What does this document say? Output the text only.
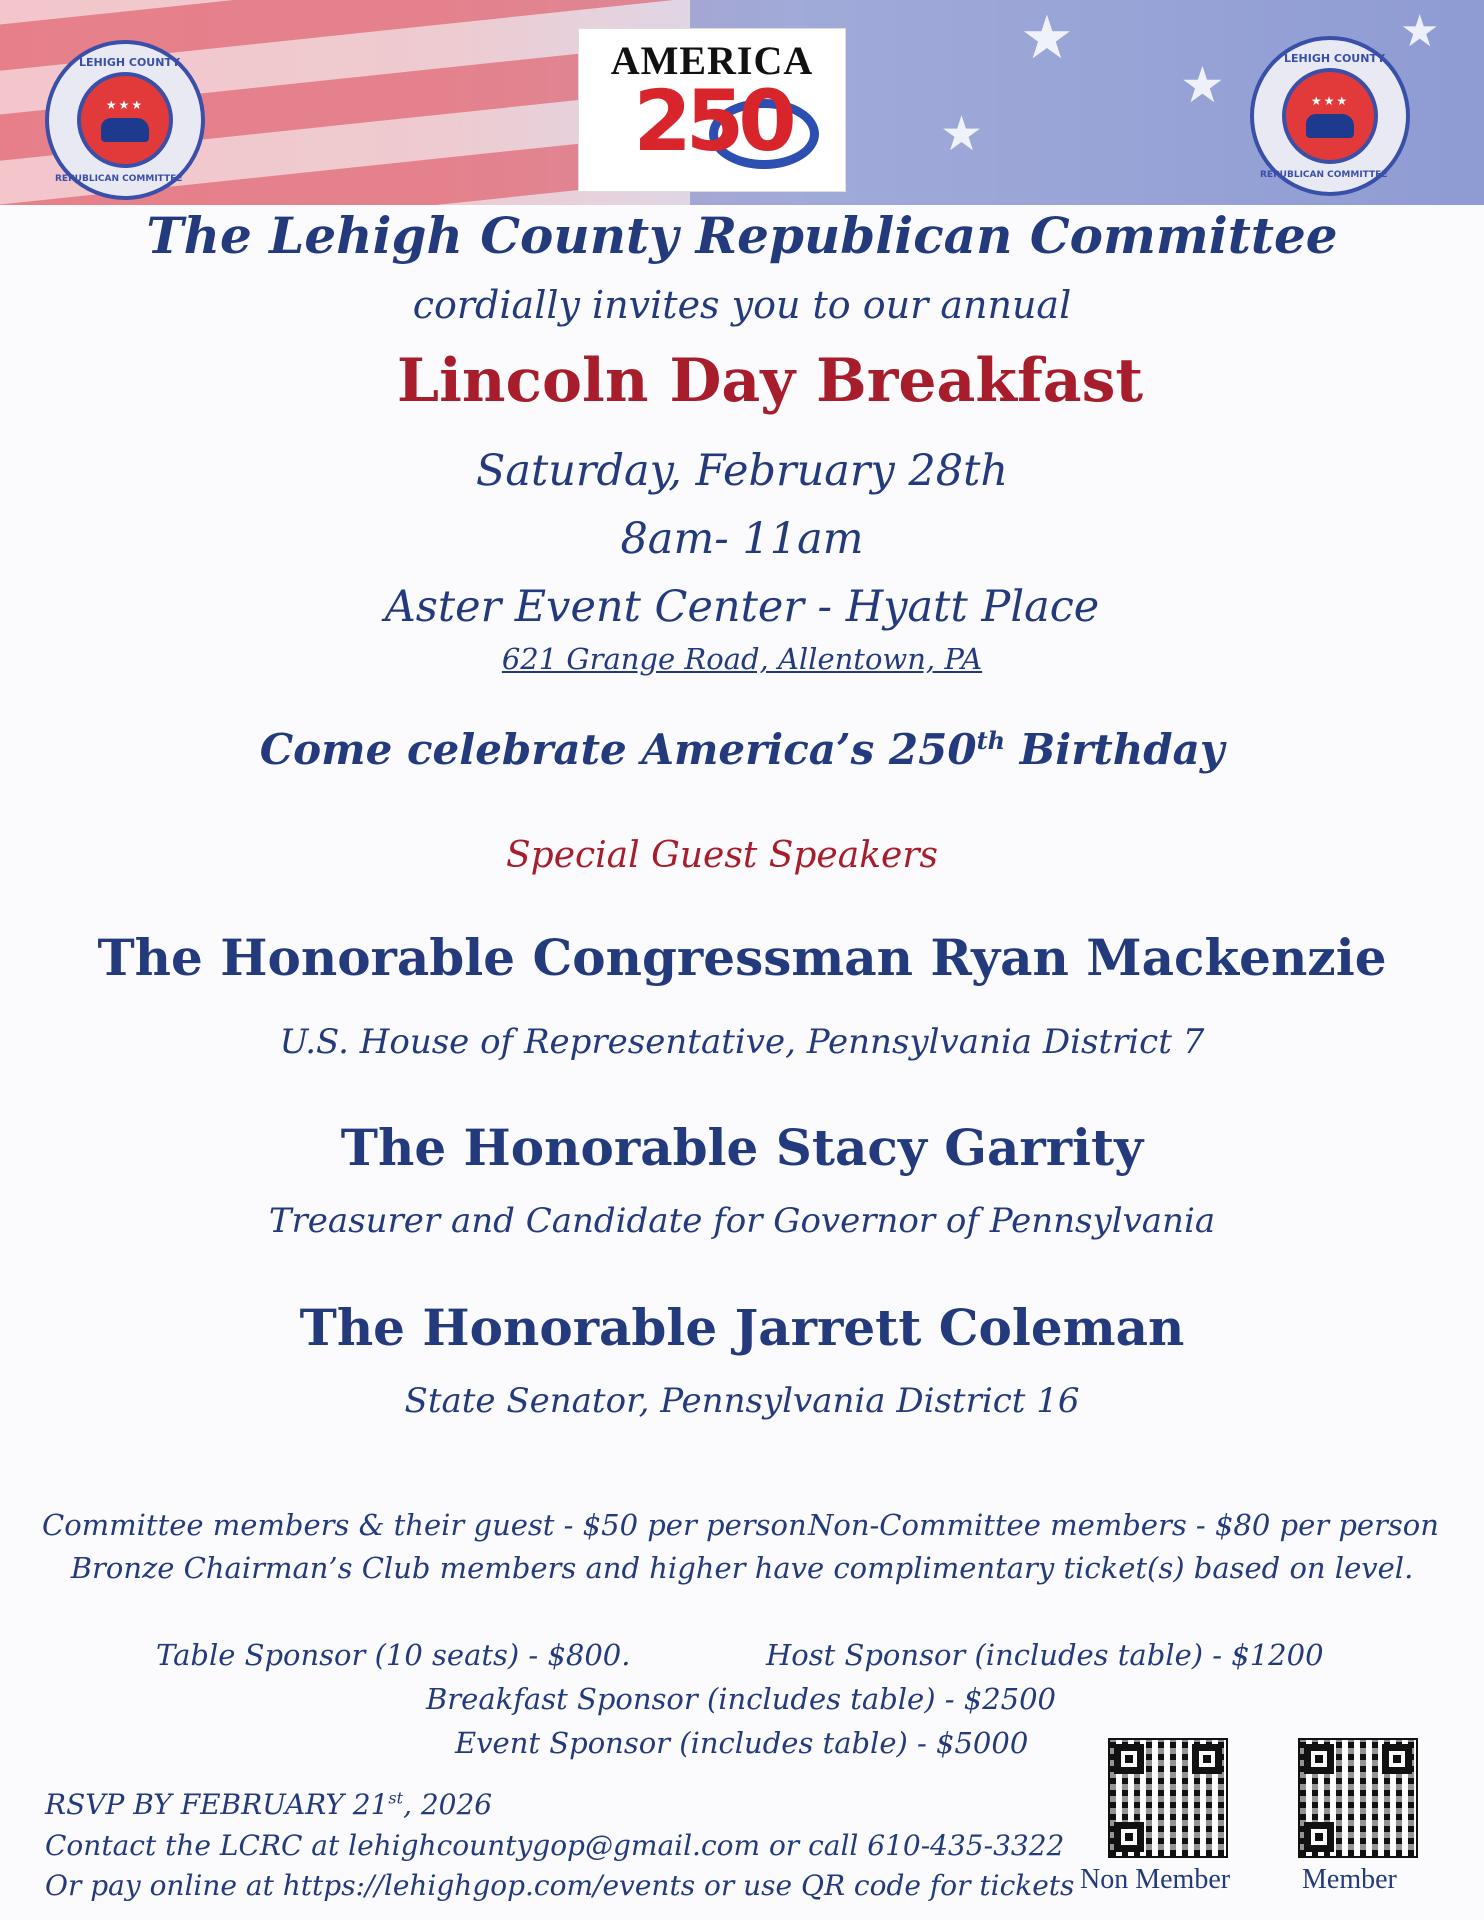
★
★
★
★
LEHIGH COUNTY
★★★
REPUBLICAN COMMITTEE
LEHIGH COUNTY
★★★
REPUBLICAN COMMITTEE
AMERICA
250
The Lehigh County Republican Committee
cordially invites you to our annual
Lincoln Day Breakfast
Saturday, February 28th
8am- 11am
Aster Event Center - Hyatt Place
621 Grange Road, Allentown, PA
Come celebrate America’s 250th Birthday
Special Guest Speakers
The Honorable Congressman Ryan Mackenzie
U.S. House of Representative, Pennsylvania District 7
The Honorable Stacy Garrity
Treasurer and Candidate for Governor of Pennsylvania
The Honorable Jarrett Coleman
State Senator, Pennsylvania District 16
Committee members & their guest - $50 per person Non-Committee members - $80 per person
Bronze Chairman’s Club members and higher have complimentary ticket(s) based on level.
Table Sponsor (10 seats) - $800.	Host Sponsor (includes table) - $1200
Breakfast Sponsor (includes table) - $2500
Event Sponsor (includes table) - $5000
RSVP BY FEBRUARY 21st, 2026
Contact the LCRC at lehighcountygop@gmail.com or call 610-435-3322
Or pay online at https://lehighgop.com/events or use QR code for tickets Non Member	Member
